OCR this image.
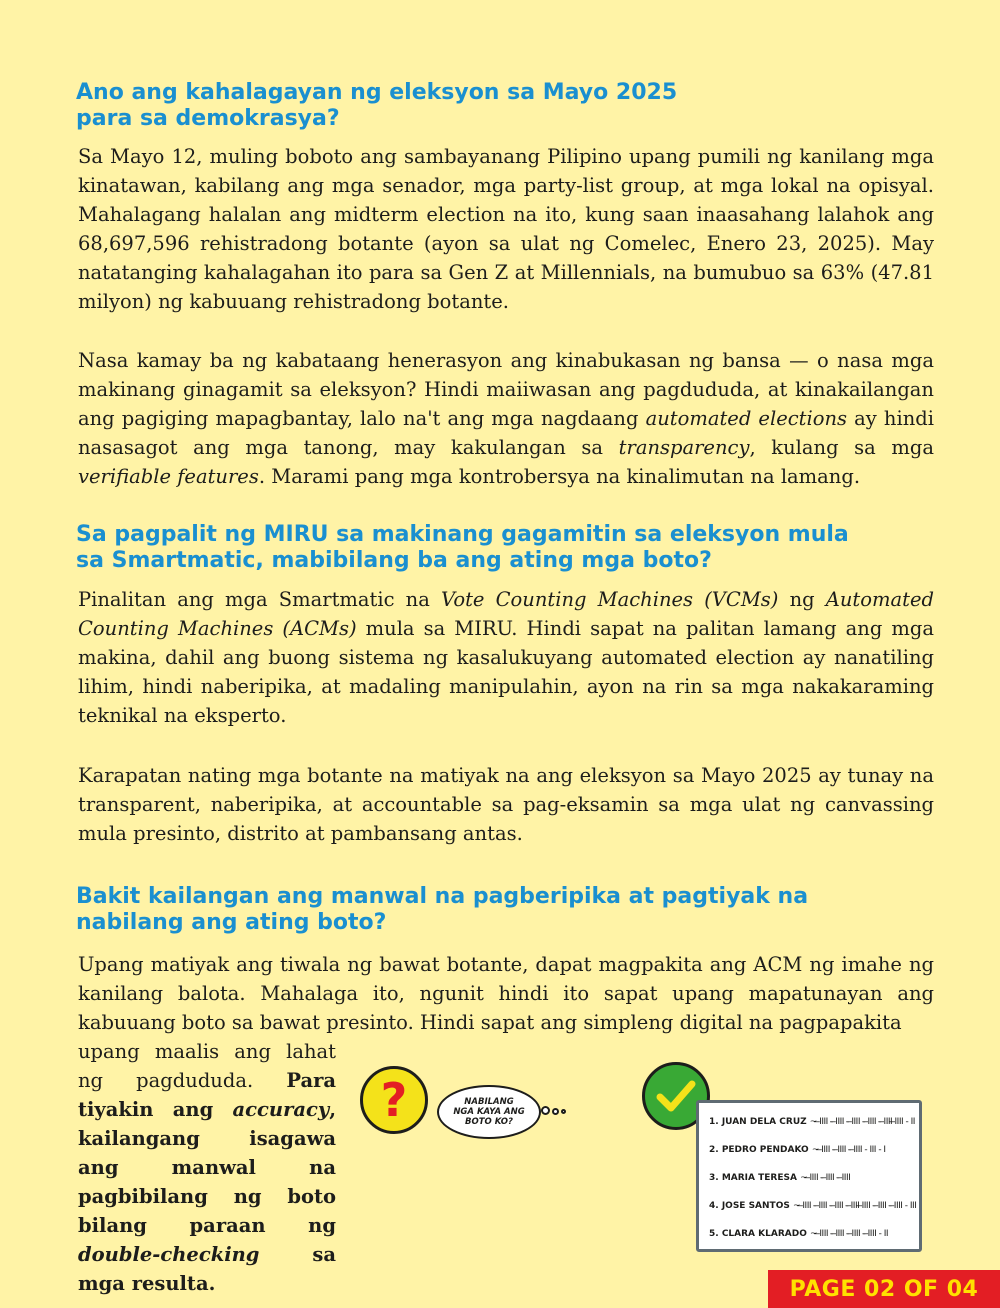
Ano ang kahalagayan ng eleksyon sa Mayo 2025
para sa demokrasya?

Sa Mayo 12, muling boboto ang sambayanang Pilipino upang pumili ng kanilang mga kinatawan, kabilang ang mga senador, mga party-list group, at mga lokal na opisyal. Mahalagang halalan ang midterm election na ito, kung saan inaasahang lalahok ang 68,697,596 rehistradong botante (ayon sa ulat ng Comelec, Enero 23, 2025). May natatanging kahalagahan ito para sa Gen Z at Millennials, na bumubuo sa 63% (47.81 milyon) ng kabuuang rehistradong botante.

Nasa kamay ba ng kabataang henerasyon ang kinabukasan ng bansa — o nasa mga makinang ginagamit sa eleksyon? Hindi maiiwasan ang pagdududa, at kinakailangan ang pagiging mapagbantay, lalo na't ang mga nagdaang automated elections ay hindi nasasagot ang mga tanong, may kakulangan sa transparency, kulang sa mga verifiable features. Marami pang mga kontrobersya na kinalimutan na lamang.

Sa pagpalit ng MIRU sa makinang gagamitin sa eleksyon mula
sa Smartmatic, mabibilang ba ang ating mga boto?

Pinalitan ang mga Smartmatic na Vote Counting Machines (VCMs) ng Automated Counting Machines (ACMs) mula sa MIRU. Hindi sapat na palitan lamang ang mga makina, dahil ang buong sistema ng kasalukuyang automated election ay nanatiling lihim, hindi naberipika, at madaling manipulahin, ayon na rin sa mga nakakaraming teknikal na eksperto.

Karapatan nating mga botante na matiyak na ang eleksyon sa Mayo 2025 ay tunay na transparent, naberipika, at accountable sa pag-eksamin sa mga ulat ng canvassing mula presinto, distrito at pambansang antas.

Bakit kailangan ang manwal na pagberipika at pagtiyak na
nabilang ang ating boto?

Upang matiyak ang tiwala ng bawat botante, dapat magpakita ang ACM ng imahe ng kanilang balota. Mahalaga ito, ngunit hindi ito sapat upang mapatunayan ang kabuuang boto sa bawat presinto. Hindi sapat ang simpleng digital na pagpapakita

upang maalis ang lahat ng pagdududa. Para tiyakin ang accuracy, kailangang isagawa ang manwal na pagbibilang ng boto bilang paraan ng double-checking sa mga resulta.

?	NABILANG
NGA KAYA ANG
BOTO KO?	1. JUAN DELA CRUZ ~ ̶IIII - ̶IIII - ̶IIII - ̶IIII - ̶IIII ̶IIII - II
2. PEDRO PENDAKO ~ ̶IIII - ̶IIII - ̶IIII - III - I
3. MARIA TERESA ~ ̶IIII - ̶IIII - ̶IIII
4. JOSE SANTOS ~ ̶IIII - ̶IIII - ̶IIII - ̶IIII ̶IIII - ̶IIII - ̶IIII - III
5. CLARA KLARADO ~ ̶IIII - ̶IIII - ̶IIII - ̶IIII - II
PAGE 02 OF 04
